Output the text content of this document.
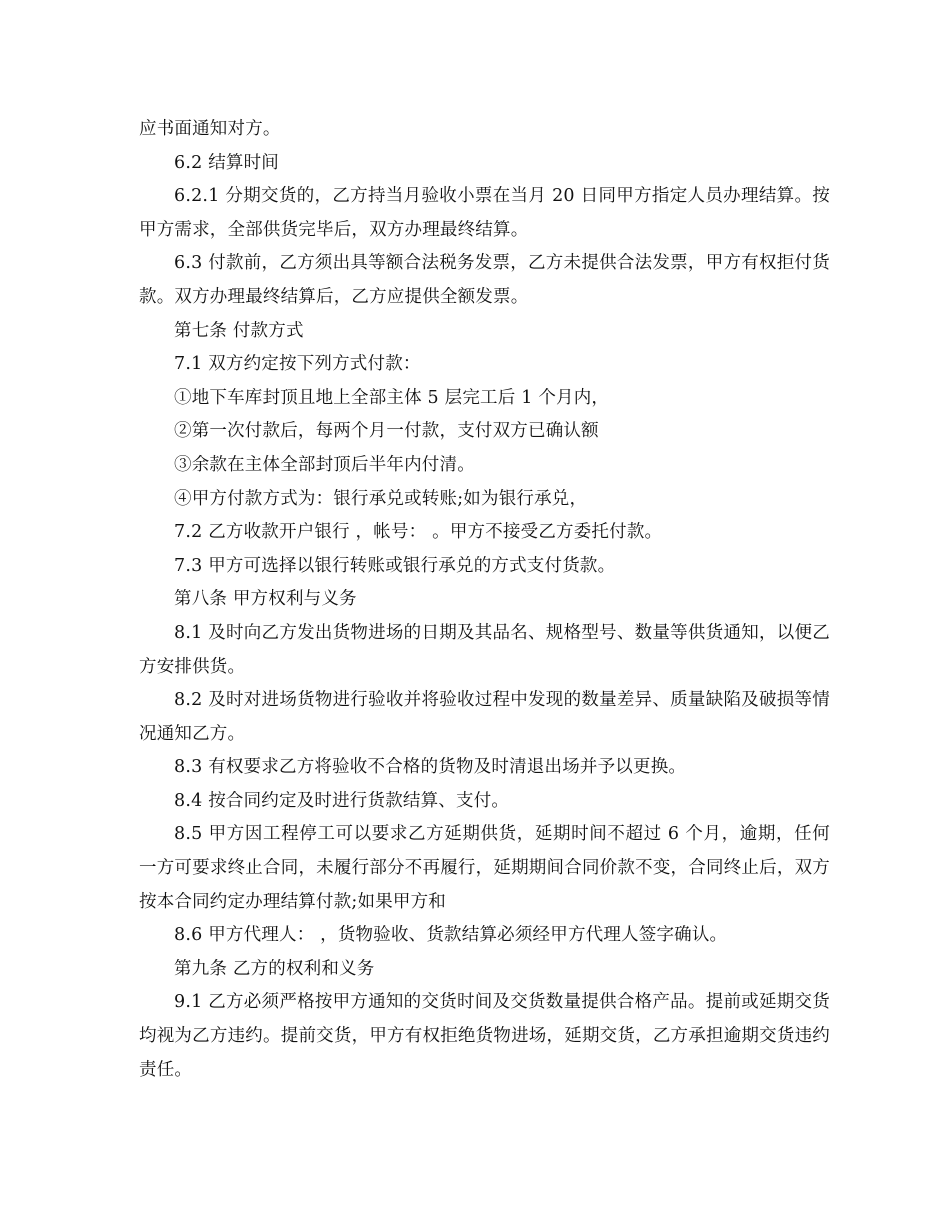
应书面通知对方。

6.2 结算时间

6.2.1 分期交货的，乙方持当月验收小票在当月 20 日同甲方指定人员办理结算。按甲方需求，全部供货完毕后，双方办理最终结算。

6.3 付款前，乙方须出具等额合法税务发票，乙方未提供合法发票，甲方有权拒付货款。双方办理最终结算后，乙方应提供全额发票。

第七条 付款方式

7.1 双方约定按下列方式付款：

①地下车库封顶且地上全部主体 5 层完工后 1 个月内，

②第一次付款后，每两个月一付款，支付双方已确认额

③余款在主体全部封顶后半年内付清。

④甲方付款方式为：银行承兑或转账;如为银行承兑，

7.2 乙方收款开户银行 ，帐号： 。甲方不接受乙方委托付款。

7.3 甲方可选择以银行转账或银行承兑的方式支付货款。

第八条 甲方权利与义务

8.1 及时向乙方发出货物进场的日期及其品名、规格型号、数量等供货通知，以便乙方安排供货。

8.2 及时对进场货物进行验收并将验收过程中发现的数量差异、质量缺陷及破损等情况通知乙方。

8.3 有权要求乙方将验收不合格的货物及时清退出场并予以更换。

8.4 按合同约定及时进行货款结算、支付。

8.5 甲方因工程停工可以要求乙方延期供货，延期时间不超过 6 个月，逾期，任何一方可要求终止合同，未履行部分不再履行，延期期间合同价款不变，合同终止后，双方按本合同约定办理结算付款;如果甲方和

8.6 甲方代理人： ，货物验收、货款结算必须经甲方代理人签字确认。

第九条 乙方的权利和义务

9.1 乙方必须严格按甲方通知的交货时间及交货数量提供合格产品。提前或延期交货均视为乙方违约。提前交货，甲方有权拒绝货物进场，延期交货，乙方承担逾期交货违约责任。
